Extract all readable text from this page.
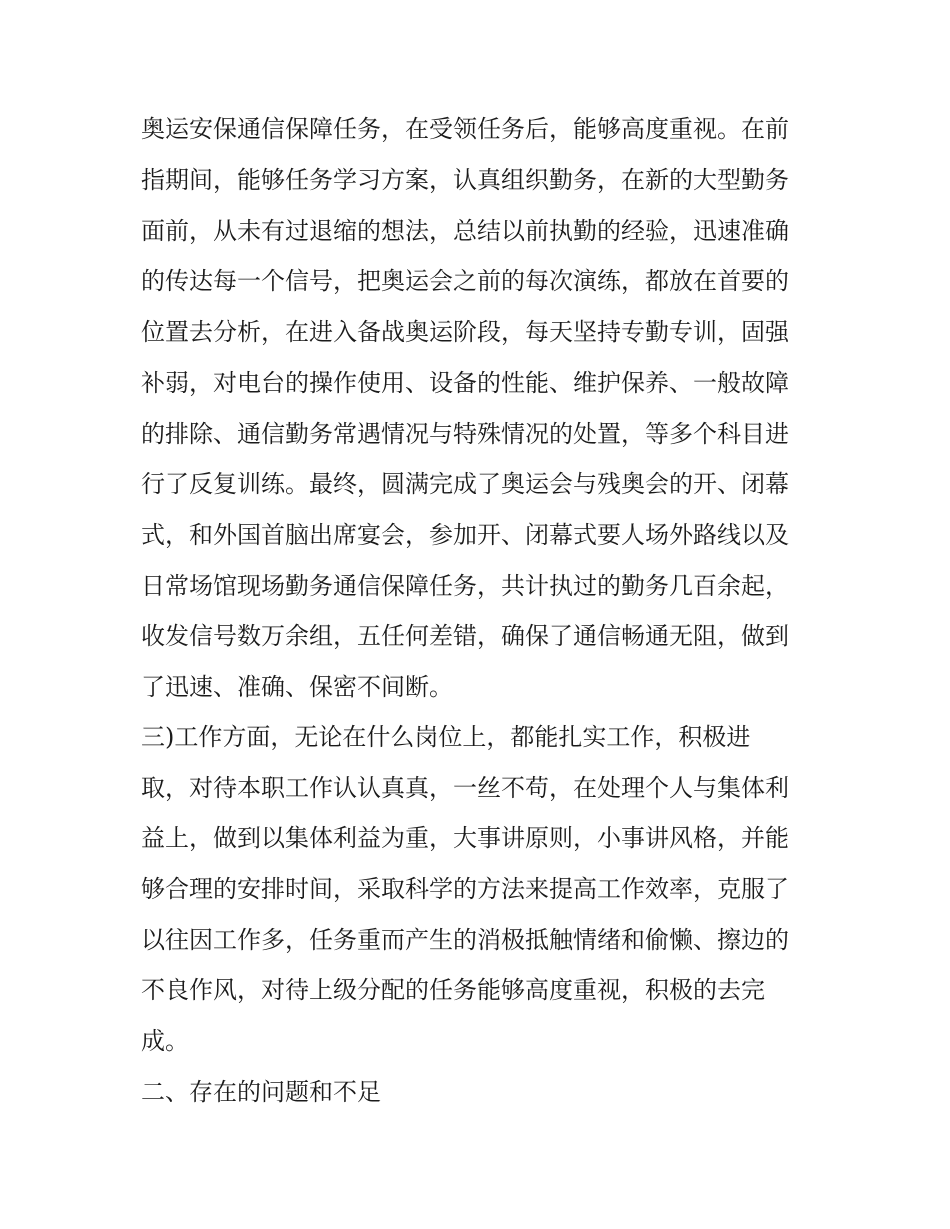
奥运安保通信保障任务，在受领任务后，能够高度重视。在前
指期间，能够任务学习方案，认真组织勤务，在新的大型勤务
面前，从未有过退缩的想法，总结以前执勤的经验，迅速准确
的传达每一个信号，把奥运会之前的每次演练，都放在首要的
位置去分析，在进入备战奥运阶段，每天坚持专勤专训，固强
补弱，对电台的操作使用、设备的性能、维护保养、一般故障
的排除、通信勤务常遇情况与特殊情况的处置，等多个科目进
行了反复训练。最终，圆满完成了奥运会与残奥会的开、闭幕
式，和外国首脑出席宴会，参加开、闭幕式要人场外路线以及
日常场馆现场勤务通信保障任务，共计执过的勤务几百余起，
收发信号数万余组，五任何差错，确保了通信畅通无阻，做到
了迅速、准确、保密不间断。
三)工作方面，无论在什么岗位上，都能扎实工作，积极进
取，对待本职工作认认真真，一丝不苟，在处理个人与集体利
益上，做到以集体利益为重，大事讲原则，小事讲风格，并能
够合理的安排时间，采取科学的方法来提高工作效率，克服了
以往因工作多，任务重而产生的消极抵触情绪和偷懒、擦边的
不良作风，对待上级分配的任务能够高度重视，积极的去完
成。
二、存在的问题和不足
